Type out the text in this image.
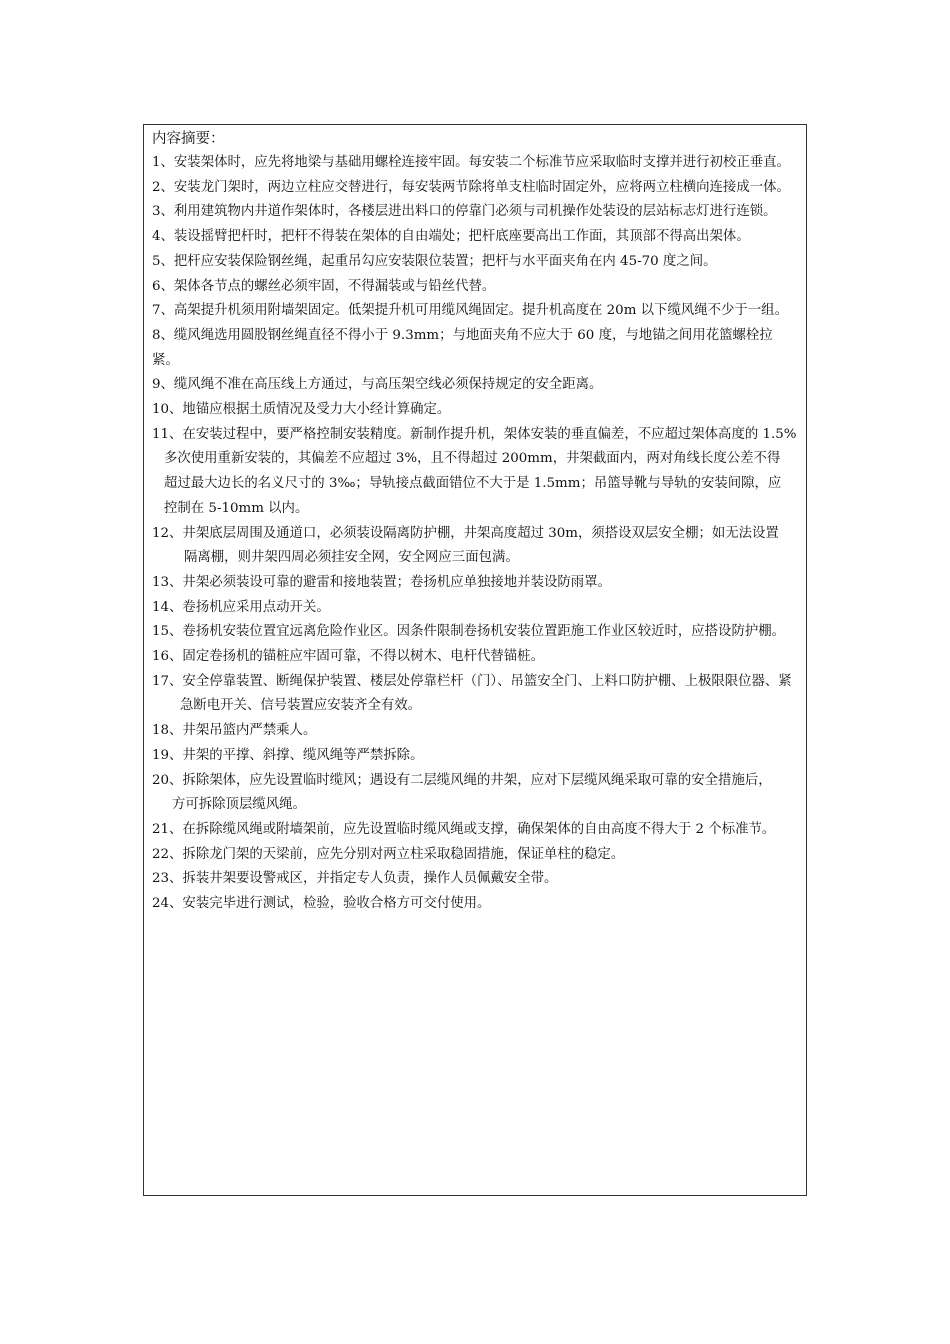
内容摘要：
1、安装架体时，应先将地梁与基础用螺栓连接牢固。每安装二个标准节应采取临时支撑并进行初校正垂直。
2、安装龙门架时，两边立柱应交替进行，每安装两节除将单支柱临时固定外，应将两立柱横向连接成一体。
3、利用建筑物内井道作架体时，各楼层进出料口的停靠门必须与司机操作处装设的层站标志灯进行连锁。
4、装设摇臂把杆时，把杆不得装在架体的自由端处；把杆底座要高出工作面，其顶部不得高出架体。
5、把杆应安装保险钢丝绳，起重吊勾应安装限位装置；把杆与水平面夹角在内 45-70 度之间。
6、架体各节点的螺丝必须牢固，不得漏装或与铅丝代替。
7、高架提升机须用附墙架固定。低架提升机可用缆风绳固定。提升机高度在 20m 以下缆风绳不少于一组。
8、缆风绳选用圆股钢丝绳直径不得小于 9.3mm；与地面夹角不应大于 60 度，与地锚之间用花篮螺栓拉紧。
9、缆风绳不准在高压线上方通过，与高压架空线必须保持规定的安全距离。
10、地锚应根据土质情况及受力大小经计算确定。
11、在安装过程中，要严格控制安装精度。新制作提升机，架体安装的垂直偏差，不应超过架体高度的 1.5%
多次使用重新安装的，其偏差不应超过 3%，且不得超过 200mm，井架截面内，两对角线长度公差不得
超过最大边长的名义尺寸的 3‰；导轨接点截面错位不大于是 1.5mm；吊篮导靴与导轨的安装间隙，应
控制在 5-10mm 以内。
12、井架底层周围及通道口，必须装设隔离防护棚，井架高度超过 30m，须搭设双层安全棚；如无法设置
隔离棚，则井架四周必须挂安全网，安全网应三面包满。
13、井架必须装设可靠的避雷和接地装置；卷扬机应单独接地并装设防雨罩。
14、卷扬机应采用点动开关。
15、卷扬机安装位置宜远离危险作业区。因条件限制卷扬机安装位置距施工作业区较近时，应搭设防护棚。
16、固定卷扬机的锚桩应牢固可靠，不得以树木、电杆代替锚桩。
17、安全停靠装置、断绳保护装置、楼层处停靠栏杆（门）、吊篮安全门、上料口防护棚、上极限限位器、紧急断电开关、信号装置应安装齐全有效。
18、井架吊篮内严禁乘人。
19、井架的平撑、斜撑、缆风绳等严禁拆除。
20、拆除架体，应先设置临时缆风；遇设有二层缆风绳的井架，应对下层缆风绳采取可靠的安全措施后，
方可拆除顶层缆风绳。
21、在拆除缆风绳或附墙架前，应先设置临时缆风绳或支撑，确保架体的自由高度不得大于 2 个标准节。
22、拆除龙门架的天梁前，应先分别对两立柱采取稳固措施，保证单柱的稳定。
23、拆装井架要设警戒区，并指定专人负责，操作人员佩戴安全带。
24、安装完毕进行测试，检验，验收合格方可交付使用。
